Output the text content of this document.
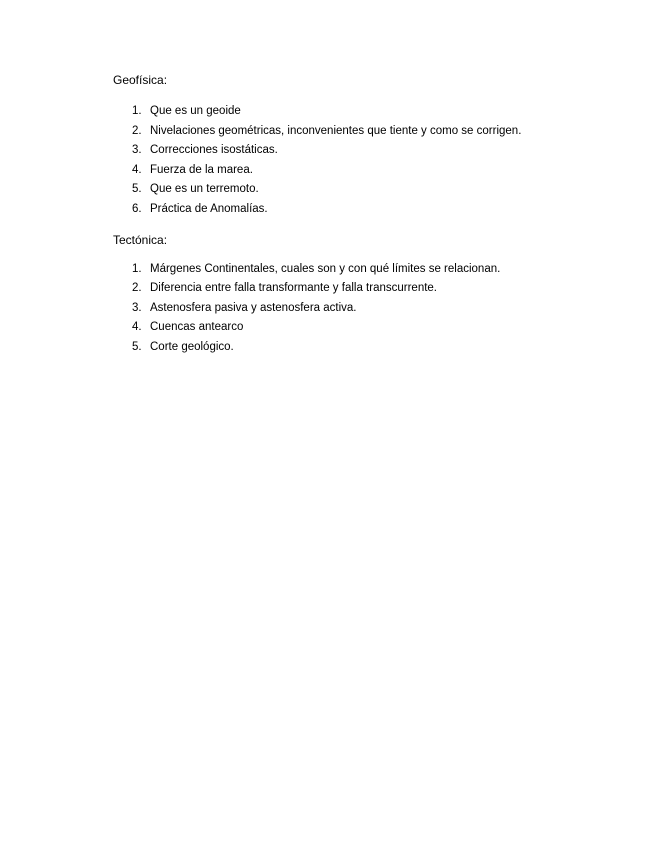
Geofísica:

1. Que es un geoide
2. Nivelaciones geométricas, inconvenientes que tiente y como se corrigen.
3. Correcciones isostáticas.
4. Fuerza de la marea.
5. Que es un terremoto.
6. Práctica de Anomalías.

Tectónica:

1. Márgenes Continentales, cuales son y con qué límites se relacionan.
2. Diferencia entre falla transformante y falla transcurrente.
3. Astenosfera pasiva y astenosfera activa.
4. Cuencas antearco
5. Corte geológico.
